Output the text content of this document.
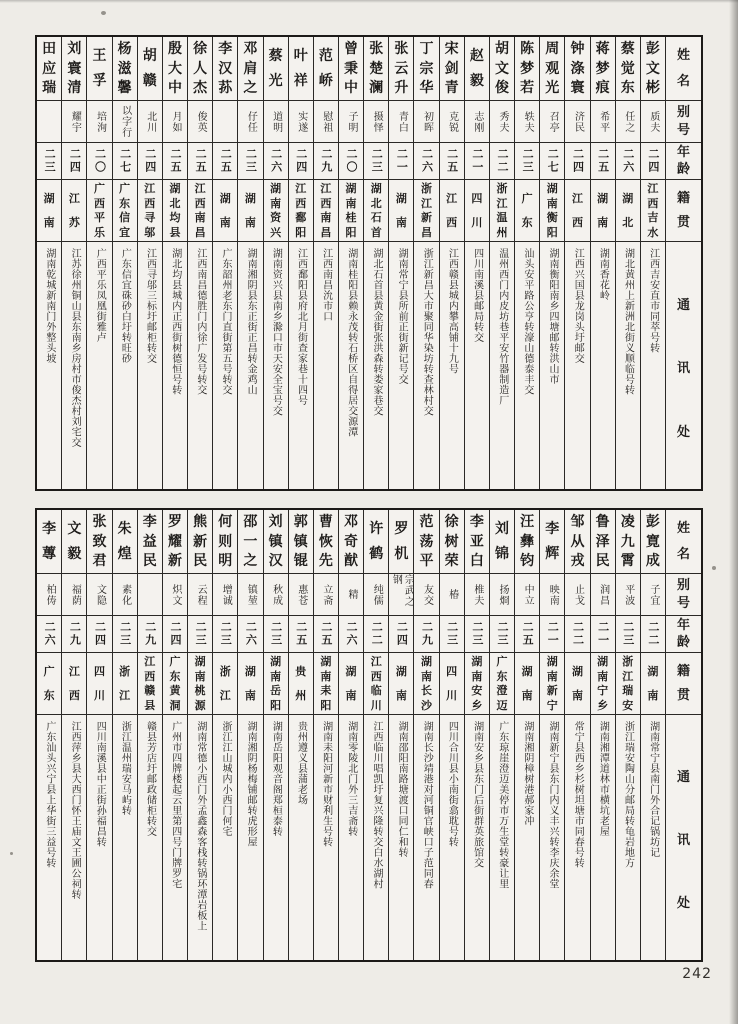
姓
名
别
号
年
龄
籍
贯
通
讯
处
彭
文
彬
质夫
二四
江
西
吉
水
江西吉安直市同萃号转
蔡
觉
东
任之
二六
湖
北
湖北黄州上新洲北街义顺临号转
蒋
梦
痕
希平
二五
湖
南
湖南香花岭
钟
涤
寰
济民
二四
江
西
江西兴国县龙岗头圩邮交
周
观
光
召亭
二七
湖
南
衡
阳
湖南衡阳南乡四塘邮转洪山市
陈
梦
若
轶夫
二三
广
东
汕头安平路公亨转濠山德泰丰交
胡
文
俊
秀夫
二二
浙
江
温
州
温州西门内皮坊巷平安竹器制造厂
赵
毅
志刚
二一
四
川
四川南溪县邮局转交
宋
剑
青
克锐
二五
江
西
江西赣县城内攀高铺十九号
丁
宗
华
初晖
二六
浙
江
新
昌
浙江新昌大市聚同华染坊转查林村交
张
云
升
青白
二一
湖
南
湖南常宁县所前正街新记号交
张
楚
澜
摄怿
二三
湖
北
石
首
湖北石首县黄金街张洪森转娄家巷交
曾
秉
中
子明
二〇
湖
南
桂
阳
湖南桂阳县赖永茂转石桥区自得居交源潭
范
峤
慰祖
二九
江
西
南
昌
江西南昌沇市口
叶
祥
实遂
二四
江
西
鄱
阳
江西鄱阳县府北月街查家巷十四号
蔡
光
道明
二六
湖
南
资
兴
湖南资兴县南乡滁口市天安全宝号交
邓
肩
之
仔任
二三
湖
南
湖南湘阴县东正街正昌转金鸡山
李
汉
荪
二五
湖
南
广东韶州老东门直街第五号转交
徐
人
杰
俊英
二五
江
西
南
昌
江西南昌德胜门内徐广发号转交
殷
大
中
月如
二五
湖
北
均
县
湖北均县城内正西街树德恒号转
胡
赣
北川
二四
江
西
寻
邬
江西寻邬三标圩邮柜转交
杨
滋
馨
以字行
二七
广
东
信
宜
广东信宜硃砂白圩转旺砂
王
孚
培洵
二〇
广
西
平
乐
广西平乐凤凰街雅卢
刘
寰
清
耀宇
二四
江
苏
江苏徐州铜山县东南乡房村市俊杰村刘宅交
田
应
瑞
二三
湖
南
湖南乾城新南门外整头坡
姓
名
别
号
年
龄
籍
贯
通
讯
处
彭
寛
成
子宜
二二
湖
南
湖南常宁县南门外合记锅坊记
凌
九
霄
平波
二三
浙
江
瑞
安
浙江瑞安陶山分邮局转龟岩地方
鲁
泽
民
润昌
二一
湖
南
宁
乡
湖南湘潭道林市横坑老屋
邹
从
戎
止戈
二二
湖
南
常宁县西乡杉树坦塘市同春号转
李
辉
映南
二一
湖
南
新
宁
湖南新宁县东门内义丰兴转李庆余堂
汪
彝
钧
中立
二五
湖
南
湖南湘阴樟树港郝家冲
刘
锦
扬烱
二三
广
东
澄
迈
广东琼崖澄迈美停市万生堂转豪让里
李
亚
白
椎夫
二三
湖
南
安
乡
湖南安乡县东门后街群英旅馆交
徐
树
荣
椿
二三
四
川
四川合川县小南街翕耽号转
范
荡
平
友交
二九
湖
南
长
沙
湖南长沙靖港对河铜官峡口子范同春
罗
机
宗武之钢
二四
湖
南
湖南邵阳南路塘渡口同仁和转
许
鹤
纯儒
二二
江
西
临
川
江西临川唱凯圩复兴隆转交白水湖村
邓
奇
猷
精
二六
湖
南
湖南零陵北门外三吉斋转
曹
恢
先
立斋
二五
湖
南
耒
阳
湖南耒阳河新市财利生号转
郭
镇
锟
惠苍
二五
贵
州
贵州遵义县蒲老场
刘
镇
汉
秋成
二三
湖
南
岳
阳
湖南岳阳观音阁郑桓泰转
邵
一
之
镇堃
二六
湖
南
湖南湘阴杨梅铺邮转虎形屋
何
则
明
增诚
二三
浙
江
浙江江山城内小西门何宅
熊
新
民
云程
二三
湖
南
桃
源
湖南常德小西门外孟鑫森客栈转锅环潭岩板上
罗
耀
新
炽文
二四
广
东
黄
洞
广州市四牌楼起云里第四号门牌罗宅
李
益
民
二九
江
西
赣
县
赣县芳店圩邮政储柜转交
朱
煌
素化
二三
浙
江
浙江温州瑞安马屿转
张
致
君
文隐
二四
四
川
四川南溪县中正街孙福昌转
文
毅
福荫
二九
江
西
江西萍乡县大西门怀王庙文王圃公祠转
李
蓴
柏俦
二六
广
东
广东汕头兴宁县上华街三益号转
242
